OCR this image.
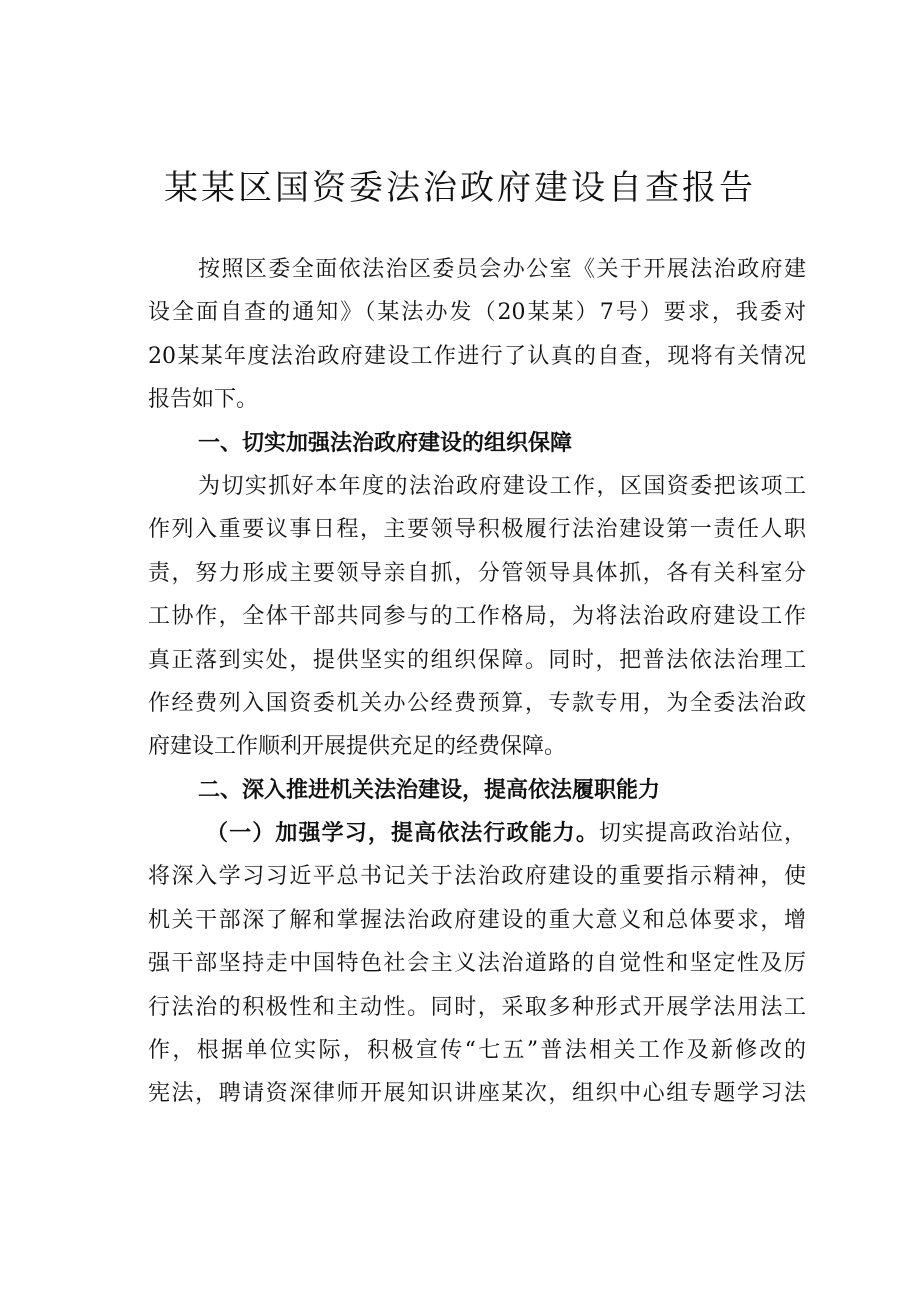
某某区国资委法治政府建设自查报告
按照区委全面依法治区委员会办公室《关于开展法治政府建
设全面自查的通知》（某法办发（20某某）7号）要求，我委对
20某某年度法治政府建设工作进行了认真的自查，现将有关情况
报告如下。
一、切实加强法治政府建设的组织保障
为切实抓好本年度的法治政府建设工作，区国资委把该项工
作列入重要议事日程，主要领导积极履行法治建设第一责任人职
责，努力形成主要领导亲自抓，分管领导具体抓，各有关科室分
工协作，全体干部共同参与的工作格局，为将法治政府建设工作
真正落到实处，提供坚实的组织保障。同时，把普法依法治理工
作经费列入国资委机关办公经费预算，专款专用，为全委法治政
府建设工作顺利开展提供充足的经费保障。
二、深入推进机关法治建设，提高依法履职能力
（一）加强学习，提高依法行政能力。切实提高政治站位，
将深入学习习近平总书记关于法治政府建设的重要指示精神，使
机关干部深了解和掌握法治政府建设的重大意义和总体要求，增
强干部坚持走中国特色社会主义法治道路的自觉性和坚定性及厉
行法治的积极性和主动性。同时，采取多种形式开展学法用法工
作，根据单位实际，积极宣传“七五”普法相关工作及新修改的
宪法，聘请资深律师开展知识讲座某次，组织中心组专题学习法
